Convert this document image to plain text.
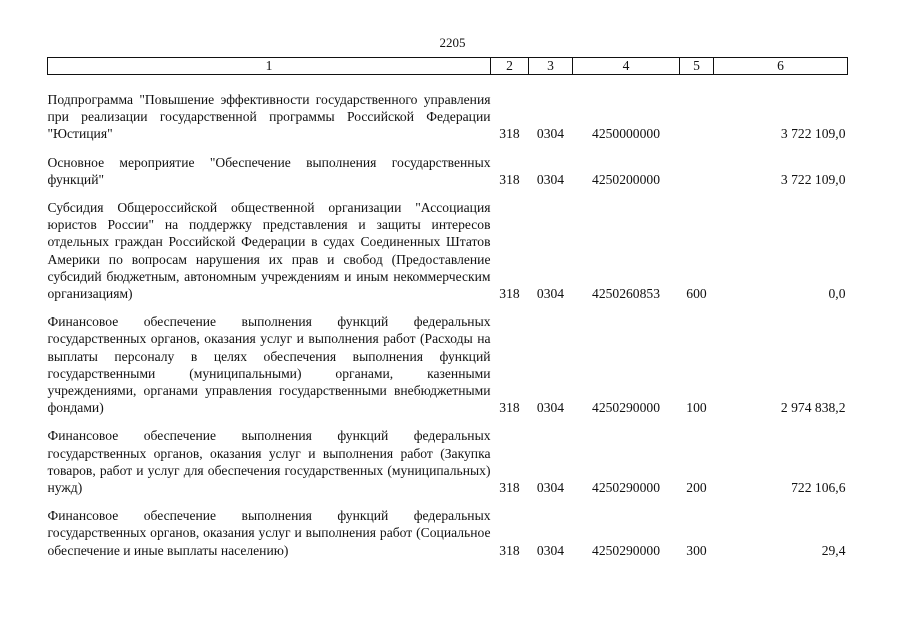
2205
1	2	3	4	5	6

Подпрограмма "Повышение эффективности государственного управления при реализации государственной программы Российской Федерации "Юстиция"	318	0304	4250000000		3 722 109,0

Основное мероприятие "Обеспечение выполнения государственных функций"	318	0304	4250200000		3 722 109,0

Субсидия Общероссийской общественной организации "Ассоциация юристов России" на поддержку представления и защиты интересов отдельных граждан Российской Федерации в судах Соединенных Штатов Америки по вопросам нарушения их прав и свобод (Предоставление субсидий бюджетным, автономным учреждениям и иным некоммерческим организациям)	318	0304	4250260853	600	0,0

Финансовое обеспечение выполнения функций федеральных государственных органов, оказания услуг и выполнения работ (Расходы на выплаты персоналу в целях обеспечения выполнения функций государственными (муниципальными) органами, казенными учреждениями, органами управления государственными внебюджетными фондами)	318	0304	4250290000	100	2 974 838,2

Финансовое обеспечение выполнения функций федеральных государственных органов, оказания услуг и выполнения работ (Закупка товаров, работ и услуг для обеспечения государственных (муниципальных) нужд)	318	0304	4250290000	200	722 106,6

Финансовое обеспечение выполнения функций федеральных государственных органов, оказания услуг и выполнения работ (Социальное обеспечение и иные выплаты населению)	318	0304	4250290000	300	29,4
